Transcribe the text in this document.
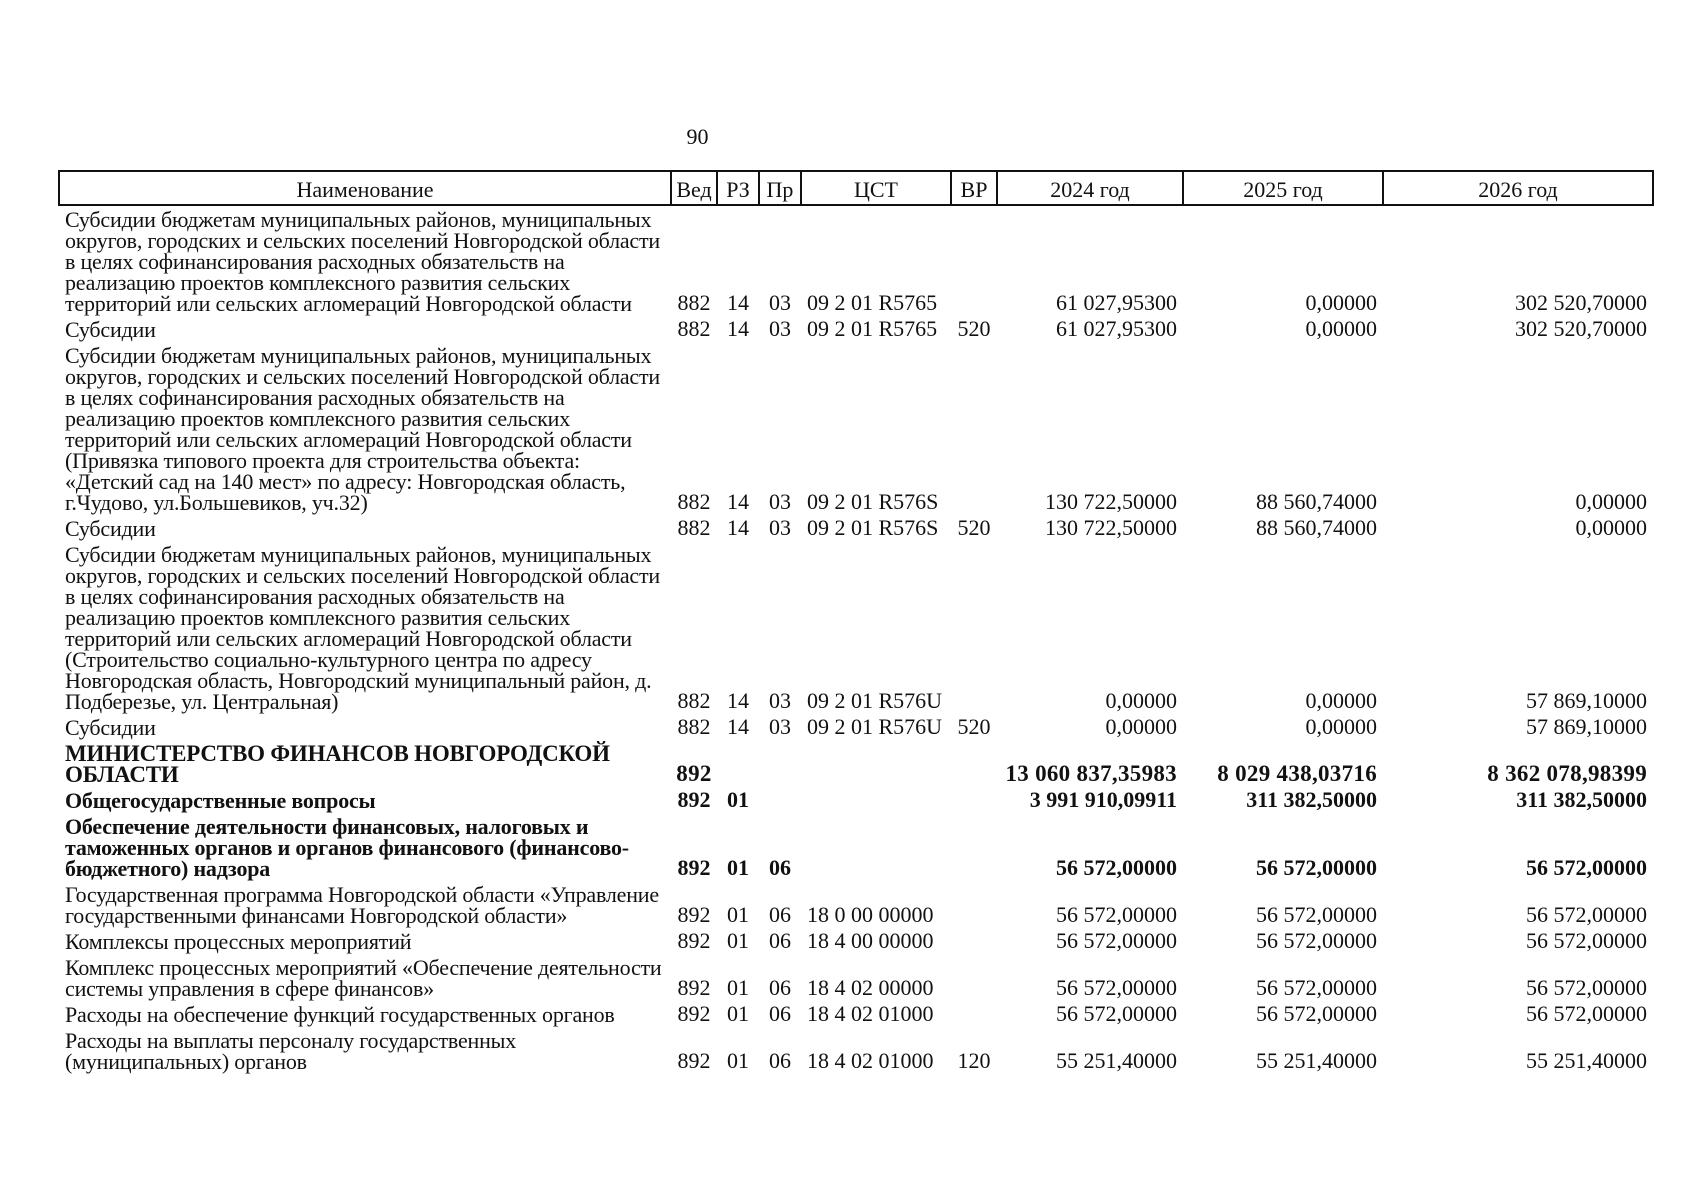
90
Наименование	Вед	РЗ	Пр	ЦСТ	ВР	2024 год	2025 год	2026 год
Субсидии бюджетам муниципальных районов, муниципальных округов, городских и сельских поселений Новгородской области в целях софинансирования расходных обязательств на реализацию проектов комплексного развития сельских территорий или сельских агломераций Новгородской области	882	14	03	09 2 01 R5765		61 027,95300	0,00000	302 520,70000
Субсидии	882	14	03	09 2 01 R5765	520	61 027,95300	0,00000	302 520,70000
Субсидии бюджетам муниципальных районов, муниципальных округов, городских и сельских поселений Новгородской области в целях софинансирования расходных обязательств на реализацию проектов комплексного развития сельских территорий или сельских агломераций Новгородской области (Привязка типового проекта для строительства объекта: «Детский сад на 140 мест» по адресу: Новгородская область, г.Чудово, ул.Большевиков, уч.32)	882	14	03	09 2 01 R576S		130 722,50000	88 560,74000	0,00000
Субсидии	882	14	03	09 2 01 R576S	520	130 722,50000	88 560,74000	0,00000
Субсидии бюджетам муниципальных районов, муниципальных округов, городских и сельских поселений Новгородской области в целях софинансирования расходных обязательств на реализацию проектов комплексного развития сельских территорий или сельских агломераций Новгородской области (Строительство социально-культурного центра по адресу Новгородская область, Новгородский муниципальный район, д. Подберезье, ул. Центральная)	882	14	03	09 2 01 R576U		0,00000	0,00000	57 869,10000
Субсидии	882	14	03	09 2 01 R576U	520	0,00000	0,00000	57 869,10000
МИНИСТЕРСТВО ФИНАНСОВ НОВГОРОДСКОЙ ОБЛАСТИ	892					13 060 837,35983	8 029 438,03716	8 362 078,98399
Общегосударственные вопросы	892	01				3 991 910,09911	311 382,50000	311 382,50000
Обеспечение деятельности финансовых, налоговых и таможенных органов и органов финансового (финансово-бюджетного) надзора	892	01	06			56 572,00000	56 572,00000	56 572,00000
Государственная программа Новгородской области «Управление государственными финансами Новгородской области»	892	01	06	18 0 00 00000		56 572,00000	56 572,00000	56 572,00000
Комплексы процессных мероприятий	892	01	06	18 4 00 00000		56 572,00000	56 572,00000	56 572,00000
Комплекс процессных мероприятий «Обеспечение деятельности системы управления в сфере финансов»	892	01	06	18 4 02 00000		56 572,00000	56 572,00000	56 572,00000
Расходы на обеспечение функций государственных органов	892	01	06	18 4 02 01000		56 572,00000	56 572,00000	56 572,00000
Расходы на выплаты персоналу государственных (муниципальных) органов	892	01	06	18 4 02 01000	120	55 251,40000	55 251,40000	55 251,40000
